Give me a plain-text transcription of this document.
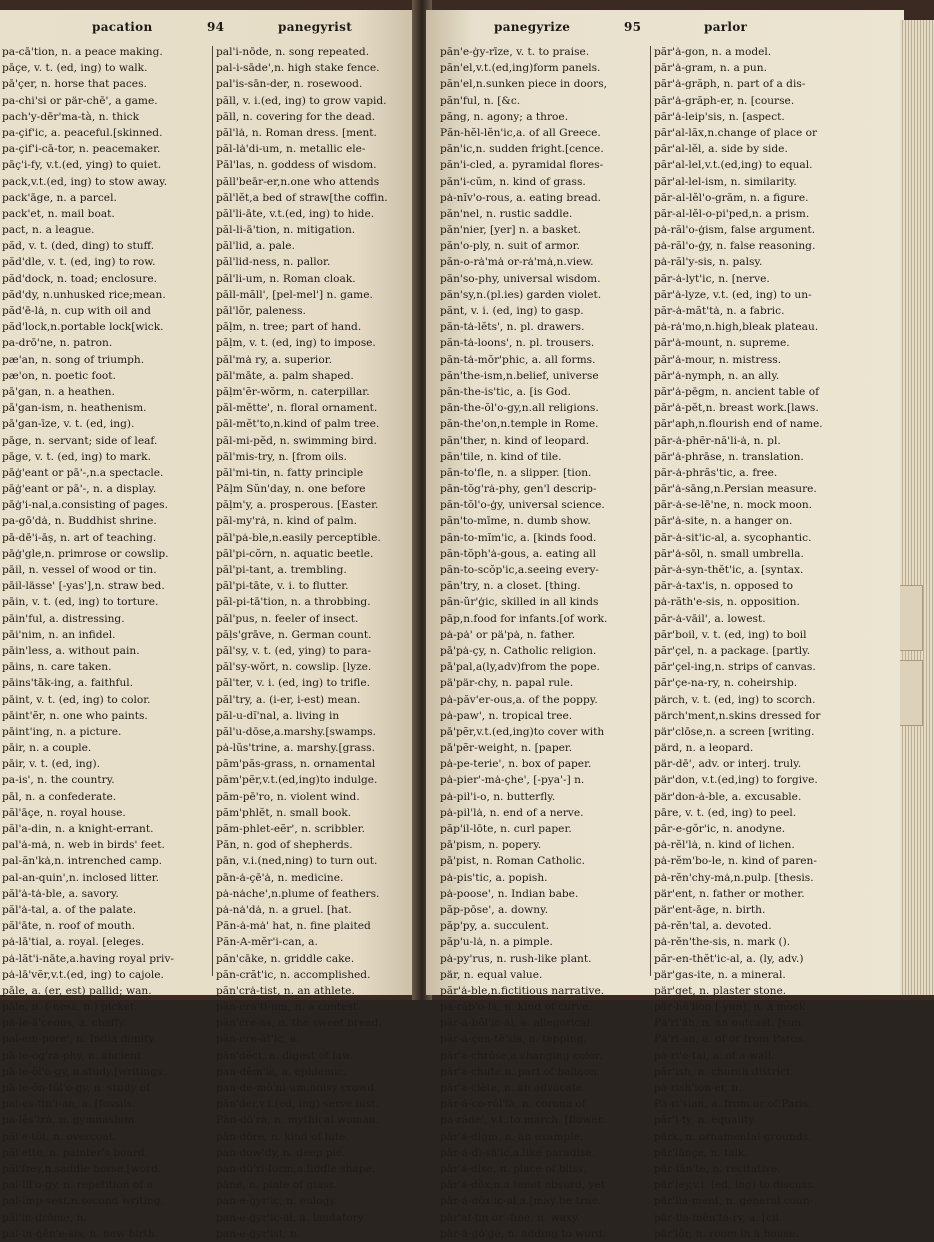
pacation	94	panegyrist
pa-cā'tion, n. a peace making.
pāçe, v. t. (ed, ing) to walk.
pā'çer, n. horse that paces.
pa-chi'si or pär-chē', a game.
pach'y-dēr'ma-tà, n. thick
pa-çif'ic, a. peaceful.[skinned.
pa-çif'i-cā-tor, n. peacemaker.
pāç'i-fy, v.t.(ed, ying) to quiet.
pack,v.t.(ed, ing) to stow away.
pack'āge, n. a parcel.
pack'et, n. mail boat.
pact, n. a league.
păd, v. t. (ded, ding) to stuff.
păd'dle, v. t. (ed, ing) to row.
păd'dock, n. toad; enclosure.
păd'dy, n.unhusked rice;mean.
păd'ē-lȧ, n. cup with oil and
păd'lock,n.portable lock[wick.
pa-drō'ne, n. patron.
pæ'an, n. song of triumph.
pæ'on, n. poetic foot.
pā'gan, n. a heathen.
pā'gan-ism, n. heathenism.
pā'gan-īze, v. t. (ed, ing).
pāge, n. servant; side of leaf.
pāge, v. t. (ed, ing) to mark.
pāġ'eant or pā'-,n.a spectacle.
pāġ'eant or pā'-, n. a display.
pāġ'i-nal,a.consisting of pages.
pa-gō'dȧ, n. Buddhist shrine.
pā-dē'i-āș, n. art of teaching.
pāġ'gle,n. primrose or cowslip.
pāil, n. vessel of wood or tin.
pāil-lässe' [-yas'],n. straw bed.
pāin, v. t. (ed, ing) to torture.
pāin'ful, a. distressing.
pāi'nim, n. an infidel.
pāin'less, a. without pain.
pāins, n. care taken.
pāins'tāk-ing, a. faithful.
pāint, v. t. (ed, ing) to color.
pāint'ẽr, n. one who paints.
pāint'ing, n. a picture.
pāir, n. a couple.
pāir, v. t. (ed, ing).
pa-is', n. the country.
pāl, n. a confederate.
păl'āçe, n. royal house.
păl'a-din, n. a knight-errant.
pal'ȧ-mȧ, n. web in birds' feet.
pal-ăn'kȧ,n. intrenched camp.
pal-an-quin',n. inclosed litter.
păl'ȧ-tȧ-ble, a. savory.
păl'ȧ-tal, a. of the palate.
păl'āte, n. roof of mouth.
pȧ-lā'tial, a. royal. [eleges.
pȧ-lăt'i-nāte,a.having royal priv-
pȧ-lā'vẽr,v.t.(ed, ing) to cajole.
pāle, a. (er, est) pallid; wan.
pāle, n. (-ness, n.) picket.
pā-le-ā'ceous, a. chaffy.
pal-em-pore', n. India dimity.
pā-le-og'rȧ-phy, n. ancient
pā-le-ŏl'o-gy, n.study.[writings.
pā-le-ŏn-tŏl'o-gy, n. study of
pal-es-tin'i-an, a. [fossils.
pȧ-lĕs'trȧ, n. gymnasium.
păl'e-tŏt, n. overcoat.
păl'ette, n. painter's board.
păl'frey,n.saddle horse.[word.
pal-lil'o-gy, n. repetition of a
pal-imp-sest,n.second writing.
păl'in-drōme, n.
pal-in-ġĕn'e-sis, n. new birth.
pal'i-nōde, n. song repeated.
pal-i-sāde',n. high stake fence.
pal'is-sān-der, n. rosewood.
păll, v. i.(ed, ing) to grow vapid.
păll, n. covering for the dead.
păl'lȧ, n. Roman dress. [ment.
păl-lȧ'di-um, n. metallic ele-
Păl'las, n. goddess of wisdom.
păll'beār-er,n.one who attends
păl'lĕt,a bed of straw[the coffin.
păl'li-āte, v.t.(ed, ing) to hide.
păl-li-ā'tion, n. mitigation.
păl'lid, a. pale.
păl'lid-ness, n. pallor.
păl'li-um, n. Roman cloak.
păll-măll', [pel-mel'] n. game.
păl'lŏr, paleness.
păḷm, n. tree; part of hand.
păḷm, v. t. (ed, ing) to impose.
păl'mȧ ry, a. superior.
păl'māte, a. palm shaped.
păḷm'ẽr-wŏrm, n. caterpillar.
păl-mĕtte', n. floral ornament.
păl-mĕt'to,n.kind of palm tree.
păl-mi-pĕd, n. swimming bird.
păl'mis-try, n. [from oils.
păl'mi-tin, n. fatty principle
Păḷm Sŭn'day, n. one before
păḷm'y, a. prosperous. [Easter.
păl-my'rȧ, n. kind of palm.
păl'pȧ-ble,n.easily perceptible.
păl'pi-cŏrn, n. aquatic beetle.
păl'pi-tant, a. trembling.
păl'pi-tāte, v. i. to flutter.
păl-pi-tā'tion, n. a throbbing.
păl'pus, n. feeler of insect.
păḷs'grāve, n. German count.
păl'sy, v. t. (ed, ying) to para-
păl'sy-wŏrt, n. cowslip. [lyze.
păl'ter, v. i. (ed, ing) to trifle.
păl'try, a. (i-er, i-est) mean.
păl-u-dĭ'nal, a. living in
păl'u-dōse,a.marshy.[swamps.
pȧ-lŭs'trine, a. marshy.[grass.
păm'păs-grass, n. ornamental
păm'pẽr,v.t.(ed,ing)to indulge.
păm-pē'ro, n. violent wind.
păm'phlĕt, n. small book.
păm-phlet-eẽr', n. scribbler.
Păn, n. god of shepherds.
pān, v.i.(ned,ning) to turn out.
pān-ȧ-çē'ȧ, n. medicine.
pȧ-nȧche',n.plume of feathers.
pȧ-nȧ'dȧ, n. a gruel. [hat.
Păn-ȧ-mȧ' hat, n. fine plaited
Păn-A-mĕr'i-can, a.
păn'cāke, n. griddle cake.
păn-crăt'ic, n. accomplished.
păn'crȧ-tist, n. an athlete.
păn-crȧ'ti-um, n. a contest.
păn'cre-as, n. the sweet bread.
păn-cre-ăt'ic, a.
păn'dĕct, n. digest of law.
pan-dĕm'ic, a. epidemic.
pan-de-mō'ni-um,noisy crowd.
păn'der,v.t.(ed, ing) serve lust.
Păn-dō'rȧ, n. mythical woman.
păn-dōre, n. kind of lute.
pan-dow'dy, n. deep pie.
pan-dū'ri-form,a.fiddle shape.
pāne, n. plate of glass.
pan-e-ġyr'ic, n. eulogy.
pan-e-ġyr'ic-al, a. laudatory.
pan-e-ġyr'ist, n.
panegyrize	95	parlor
păn'e-ġy-rīze, v. t. to praise.
păn'el,v.t.(ed,ing)form panels.
păn'el,n.sunken piece in doors,
păn'ful, n. [&c.
păng, n. agony; a throe.
Păn-hĕl-lĕn'ic,a. of all Greece.
păn'ic,n. sudden fright.[cence.
păn'i-cled, a. pyramidal flores-
păn'i-cŭm, n. kind of grass.
pȧ-nĭv'o-rous, a. eating bread.
păn'nel, n. rustic saddle.
păn'nier, [yer] n. a basket.
păn'o-ply, n. suit of armor.
păn-o-rȧ'mȧ or-rȧ'mȧ,n.view.
păn'so-phy, universal wisdom.
păn'sy,n.(pl.ies) garden violet.
pănt, v. i. (ed, ing) to gasp.
păn-tȧ-lĕts', n. pl. drawers.
păn-tȧ-loons', n. pl. trousers.
păn-tȧ-mŏr'phic, a. all forms.
păn'the-ism,n.belief, universe
păn-the-is'tic, a. [is God.
păn-the-ŏl'o-gy,n.all religions.
păn-the'on,n.temple in Rome.
păn'ther, n. kind of leopard.
păn'tile, n. kind of tile.
păn-to'fle, n. a slipper. [tion.
păn-tŏg'rȧ-phy, gen'l descrip-
păn-tŏl'o-ġy, universal science.
păn'to-mīme, n. dumb show.
păn-to-mĭm'ic, a. [kinds food.
păn-tŏph'ȧ-gous, a. eating all
păn-to-scŏp'ic,a.seeing every-
păn'try, n. a closet. [thing.
păn-ŭr'ġic, skilled in all kinds
păp,n.food for infants.[of work.
pȧ-pȧ' or pä'pȧ, n. father.
pā'pȧ-çy, n. Catholic religion.
pā'pal,a(ly,adv)from the pope.
pä'pär-chy, n. papal rule.
pȧ-păv'er-ous,a. of the poppy.
pȧ-paw', n. tropical tree.
pā'pẽr,v.t.(ed,ing)to cover with
pā'pẽr-weight, n. [paper.
pȧ-pe-terie', n. box of paper.
pȧ-pier'-mȧ-çhe', [-pya'-] n.
pȧ-pil'i-o, n. butterfly.
pȧ-pil'lȧ, n. end of a nerve.
păp'il-lōte, n. curl paper.
pā'pism, n. popery.
pā'pist, n. Roman Catholic.
pȧ-pis'tic, a. popish.
pȧ-poose', n. Indian babe.
păp-pōse', a. downy.
păp'py, a. succulent.
păp'u-lȧ, n. a pimple.
pȧ-py'rus, n. rush-like plant.
pär, n. equal value.
păr'ȧ-ble,n.fictitious narrative.
pȧ-răb'o-lȧ, n. kind of curve.
păr-ȧ-bŏl'ic-al, a. allegorical.
păr-ȧ-çen-tē'sis, n. tapping.
păr'ȧ-chrōse,a.changing color.
păr'ȧ-chute,n. part of balloon.
păr'ȧ-clēte, n. an advocate.
păr-ȧ-co-rōl'lȧ, n. corona of
pȧ-răde', v.t. to march. [flower.
păr'ȧ-diġm, n. an example.
păr-ȧ-di-sā'ic,a.like paradise.
păr'ȧ-dise, n. place of bliss.
păr'ȧ-dŏx,n.a tenet absurd, yet
păr-ȧ-dŏx'ic-al,a.[may be true.
păr'af-fin or -fine, n. waxy.
păr-ȧ-gō'ge, n. adding to word.
păr'ȧ-gon, n. a model.
păr'ȧ-gram, n. a pun.
păr'ȧ-grăph, n. part of a dis-
păr'ȧ-grăph-er, n. [course.
păr'ȧ-leip'sis, n. [aspect.
păr'al-lăx,n.change of place or
păr'al-lĕl, a. side by side.
păr'al-lel,v.t.(ed,ing) to equal.
păr'al-lel-ism, n. similarity.
păr-al-lĕl'o-grăm, n. a figure.
păr-al-lĕl-o-pi'ped,n. a prism.
pȧ-răl'o-ġism, false argument.
pȧ-răl'o-ġy, n. false reasoning.
pȧ-răl'y-sis, n. palsy.
păr-ȧ-lyt'ic, n. [nerve.
păr'ȧ-lyze, v.t. (ed, ing) to un-
păr-ȧ-măt'tȧ, n. a fabric.
pȧ-rȧ'mo,n.high,bleak plateau.
păr'ȧ-mount, n. supreme.
păr'ȧ-mour, n. mistress.
păr'ȧ-nymph, n. an ally.
păr'ȧ-pēgm, n. ancient table of
păr'ȧ-pĕt,n. breast work.[laws.
păr'aph,n.flourish end of name.
păr-ȧ-phẽr-nă'li-ȧ, n. pl.
păr'ȧ-phrāse, n. translation.
păr-ȧ-phrăs'tic, a. free.
păr'ȧ-sāng,n.Persian measure.
păr-ȧ-se-lē'ne, n. mock moon.
păr'ȧ-site, n. a hanger on.
păr-ȧ-sit'ic-al, a. sycophantic.
păr'ȧ-sōl, n. small umbrella.
păr-ȧ-syn-thĕt'ic, a. [syntax.
păr-ȧ-tax'is, n. opposed to
pȧ-răth'e-sis, n. opposition.
păr-ȧ-vāil', a. lowest.
păr'boil, v. t. (ed, ing) to boil
păr'çel, n. a package. [partly.
păr'çel-ing,n. strips of canvas.
păr'çe-na-ry, n. coheirship.
pärch, v. t. (ed, ing) to scorch.
pärch'ment,n.skins dressed for
pär'clōse,n. a screen [writing.
pärd, n. a leopard.
pär-dē', adv. or interj. truly.
pär'don, v.t.(ed,ing) to forgive.
pär'don-ȧ-ble, a. excusable.
pāre, v. t. (ed, ing) to peel.
păr-e-gŏr'ic, n. anodyne.
pȧ-rĕl'lȧ, n. kind of lichen.
pȧ-rĕm'bo-le, n. kind of paren-
pȧ-rĕn'chy-mȧ,n.pulp. [thesis.
pär'ent, n. father or mother.
pär'ent-āge, n. birth.
pȧ-rĕn'tal, a. devoted.
pȧ-rĕn'the-sis, n. mark ().
păr-en-thĕt'ic-al, a. (ly, adv.)
pär'gas-ite, n. a mineral.
pär'get, n. plaster stone.
pär-hē'lion [-yun], n. a mock
Pȧ'ri'āh, n. an outcast. [sun.
Pȧ'ri-an, a. of or from Paros.
pȧ-ri'e-tal, a. of a wall.
păr'ish, n. church district.
pȧ-rish'ion-er, n.
Pȧ-ri'sian, a. from or of Paris.
păr'i-ty, n. equality.
pärk, n. ornamental grounds.
pär'lānçe, n. talk.
pär-lăn'te, n. recitative.
pär'ley,v.i. (ed, ing) to discuss.
pär'lia-ment, n. general coun-
pär-lia-mĕn'tȧ-ry, a. [cil.
pär'lŏr, n. room in a house.
